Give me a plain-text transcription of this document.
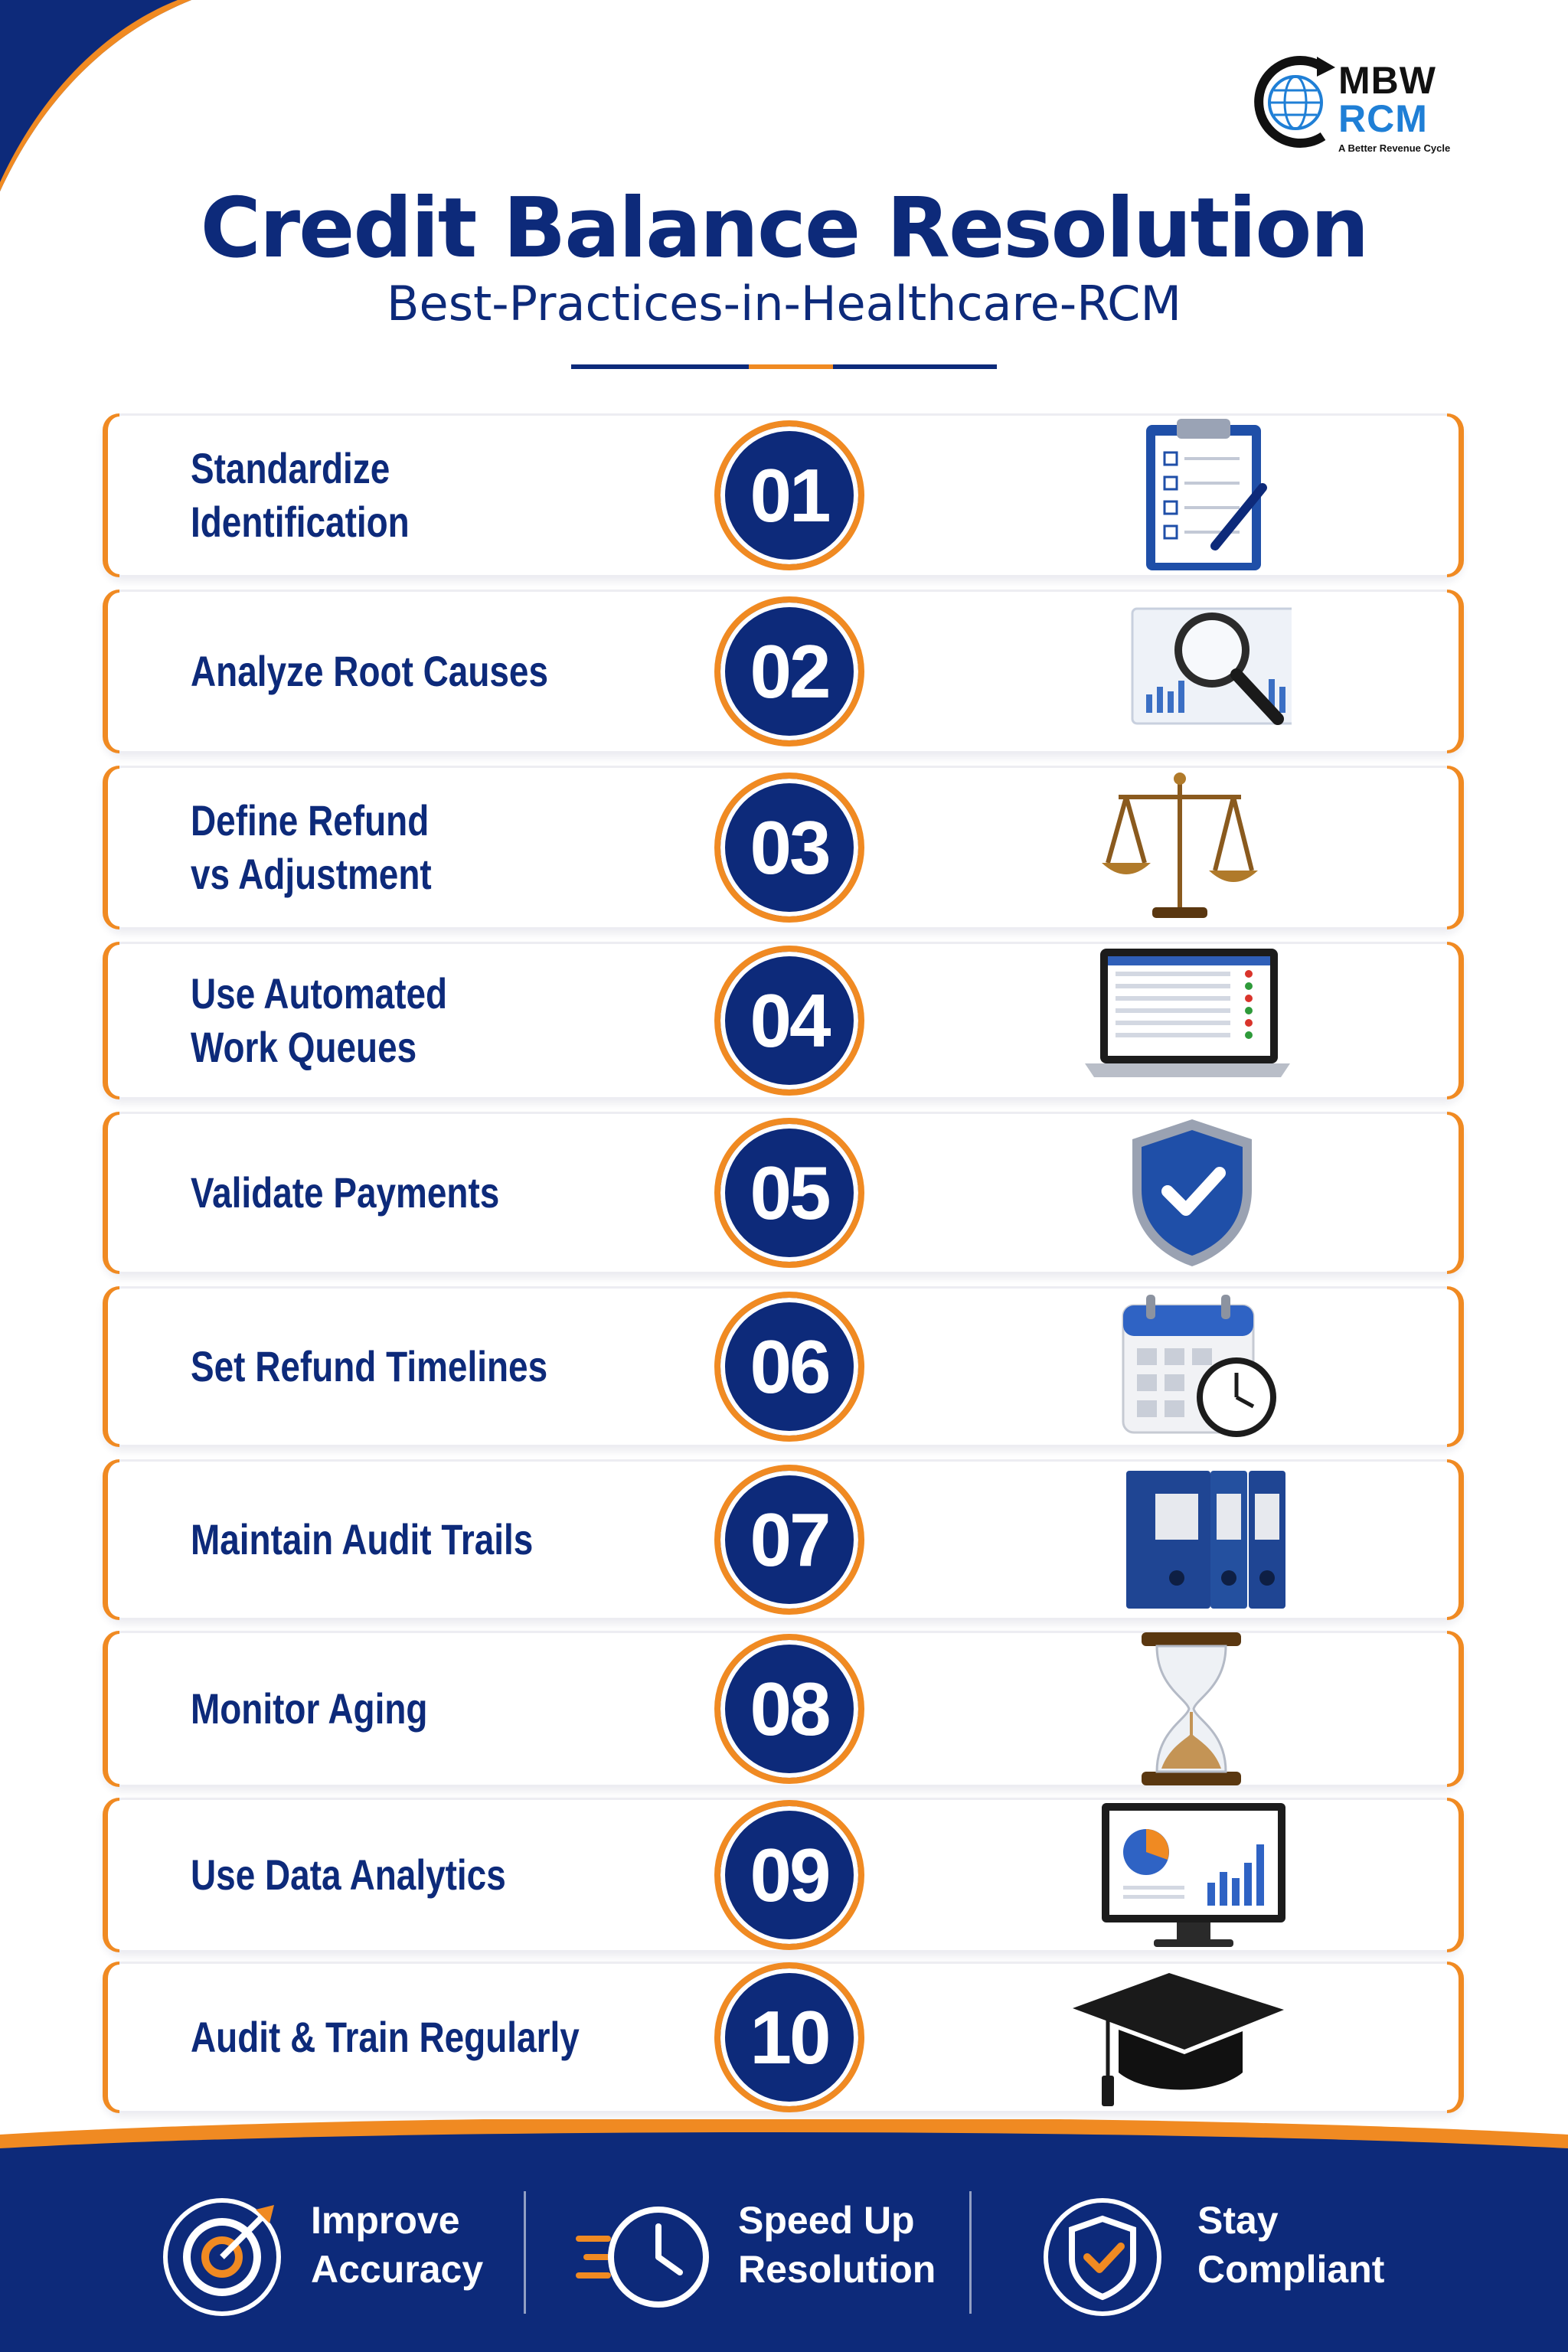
MBW
RCM
A Better Revenue Cycle
Credit Balance Resolution
Best-Practices-in-Healthcare-RCM
Standardize Identification	01
Analyze Root Causes	02
Define Refund
vs Adjustment	03
Use Automated
Work Queues	04
Validate Payments	05
Set Refund Timelines	06
Maintain Audit Trails	07
Monitor Aging	08
Use Data Analytics	09
Audit & Train Regularly	10
Improve
Accuracy
Speed Up
Resolution
Stay
Compliant
